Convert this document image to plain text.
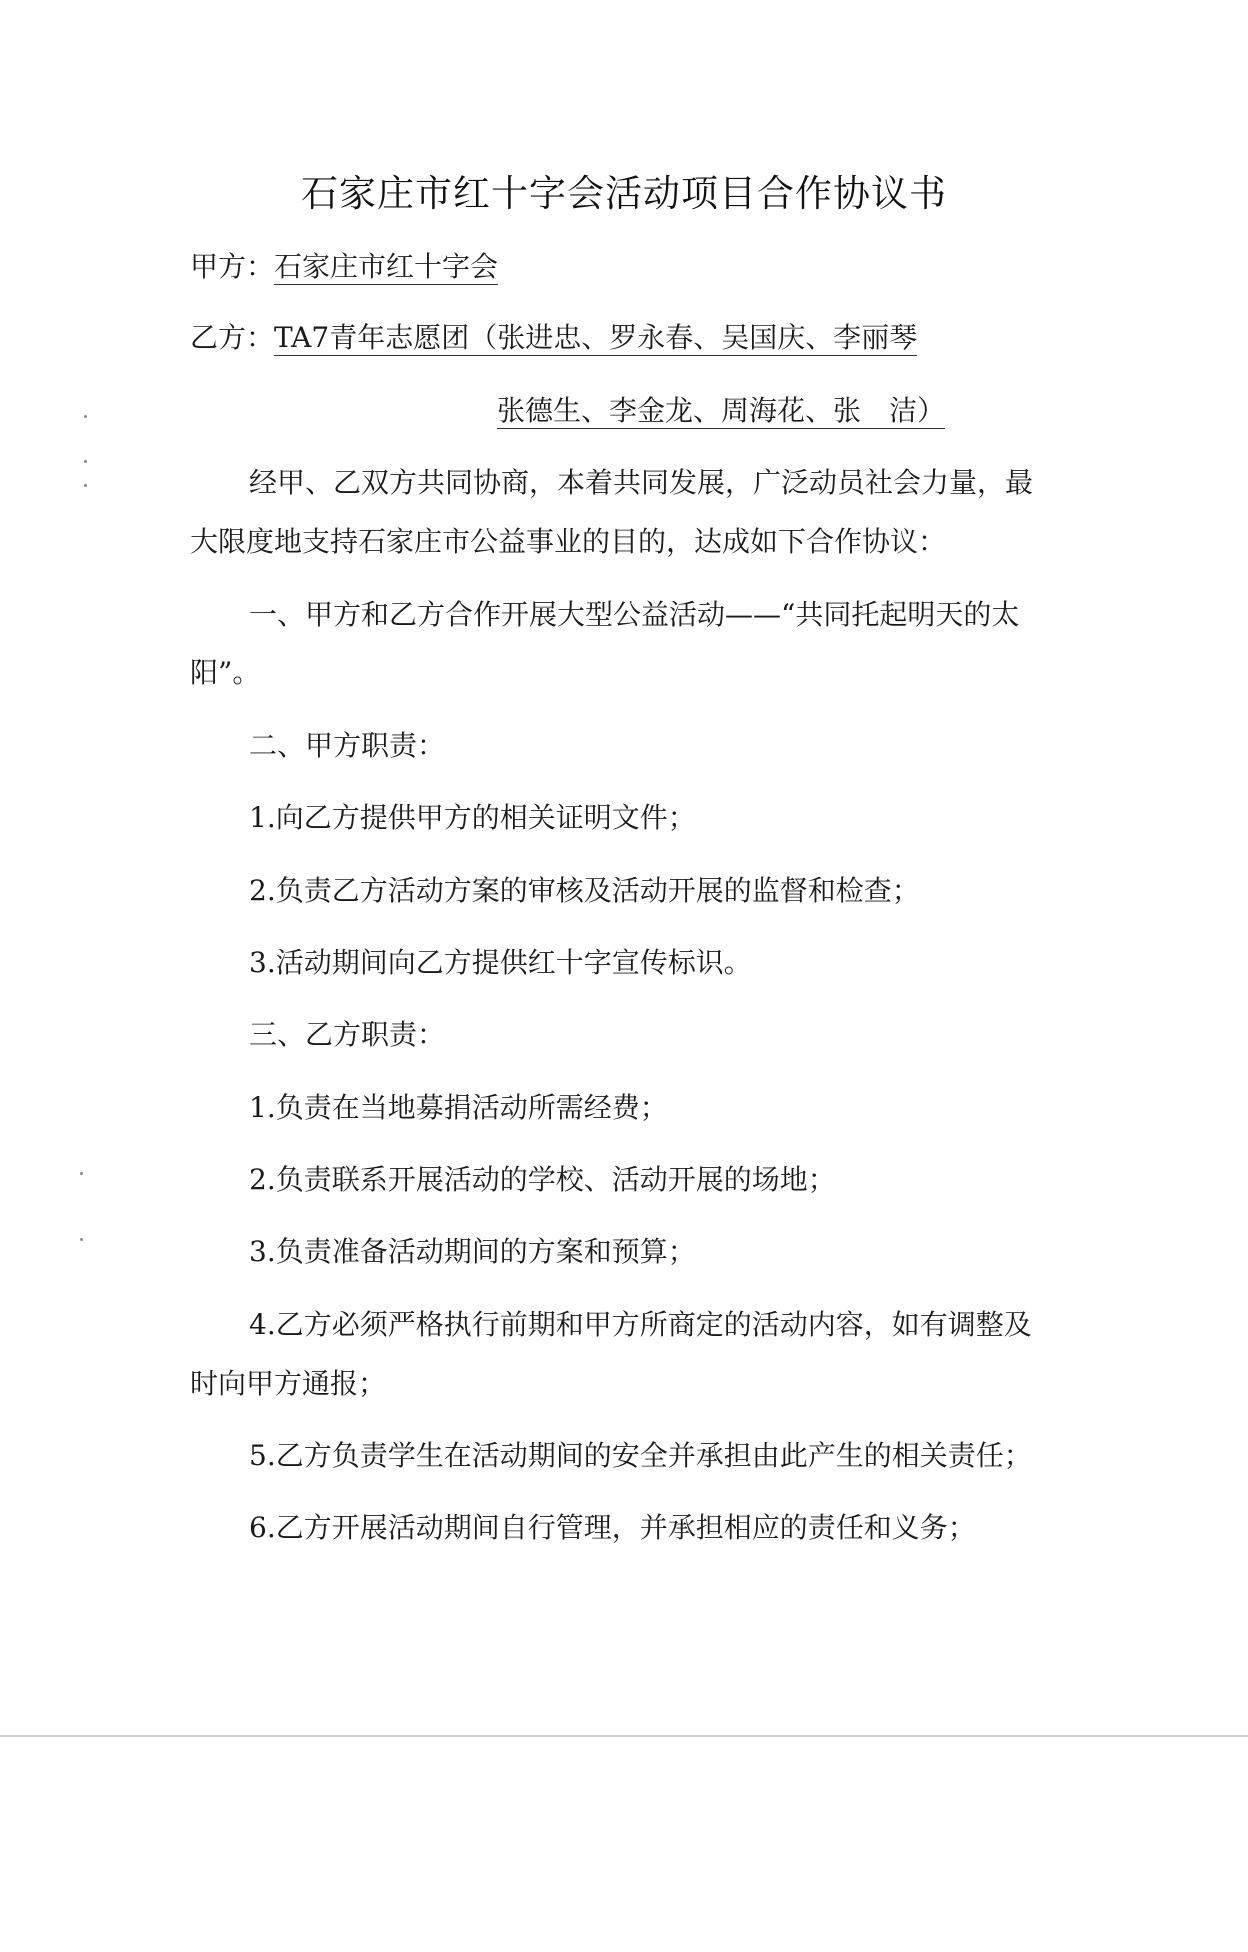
石家庄市红十字会活动项目合作协议书
甲方：石家庄市红十字会
乙方：TA7青年志愿团（张进忠、罗永春、吴国庆、李丽琴
张德生、李金龙、周海花、张　洁）
经甲、乙双方共同协商，本着共同发展，广泛动员社会力量，最
大限度地支持石家庄市公益事业的目的，达成如下合作协议：
一、甲方和乙方合作开展大型公益活动——“共同托起明天的太
阳”。
二、甲方职责：
1.向乙方提供甲方的相关证明文件；
2.负责乙方活动方案的审核及活动开展的监督和检查；
3.活动期间向乙方提供红十字宣传标识。
三、乙方职责：
1.负责在当地募捐活动所需经费；
2.负责联系开展活动的学校、活动开展的场地；
3.负责准备活动期间的方案和预算；
4.乙方必须严格执行前期和甲方所商定的活动内容，如有调整及
时向甲方通报；
5.乙方负责学生在活动期间的安全并承担由此产生的相关责任；
6.乙方开展活动期间自行管理，并承担相应的责任和义务；
